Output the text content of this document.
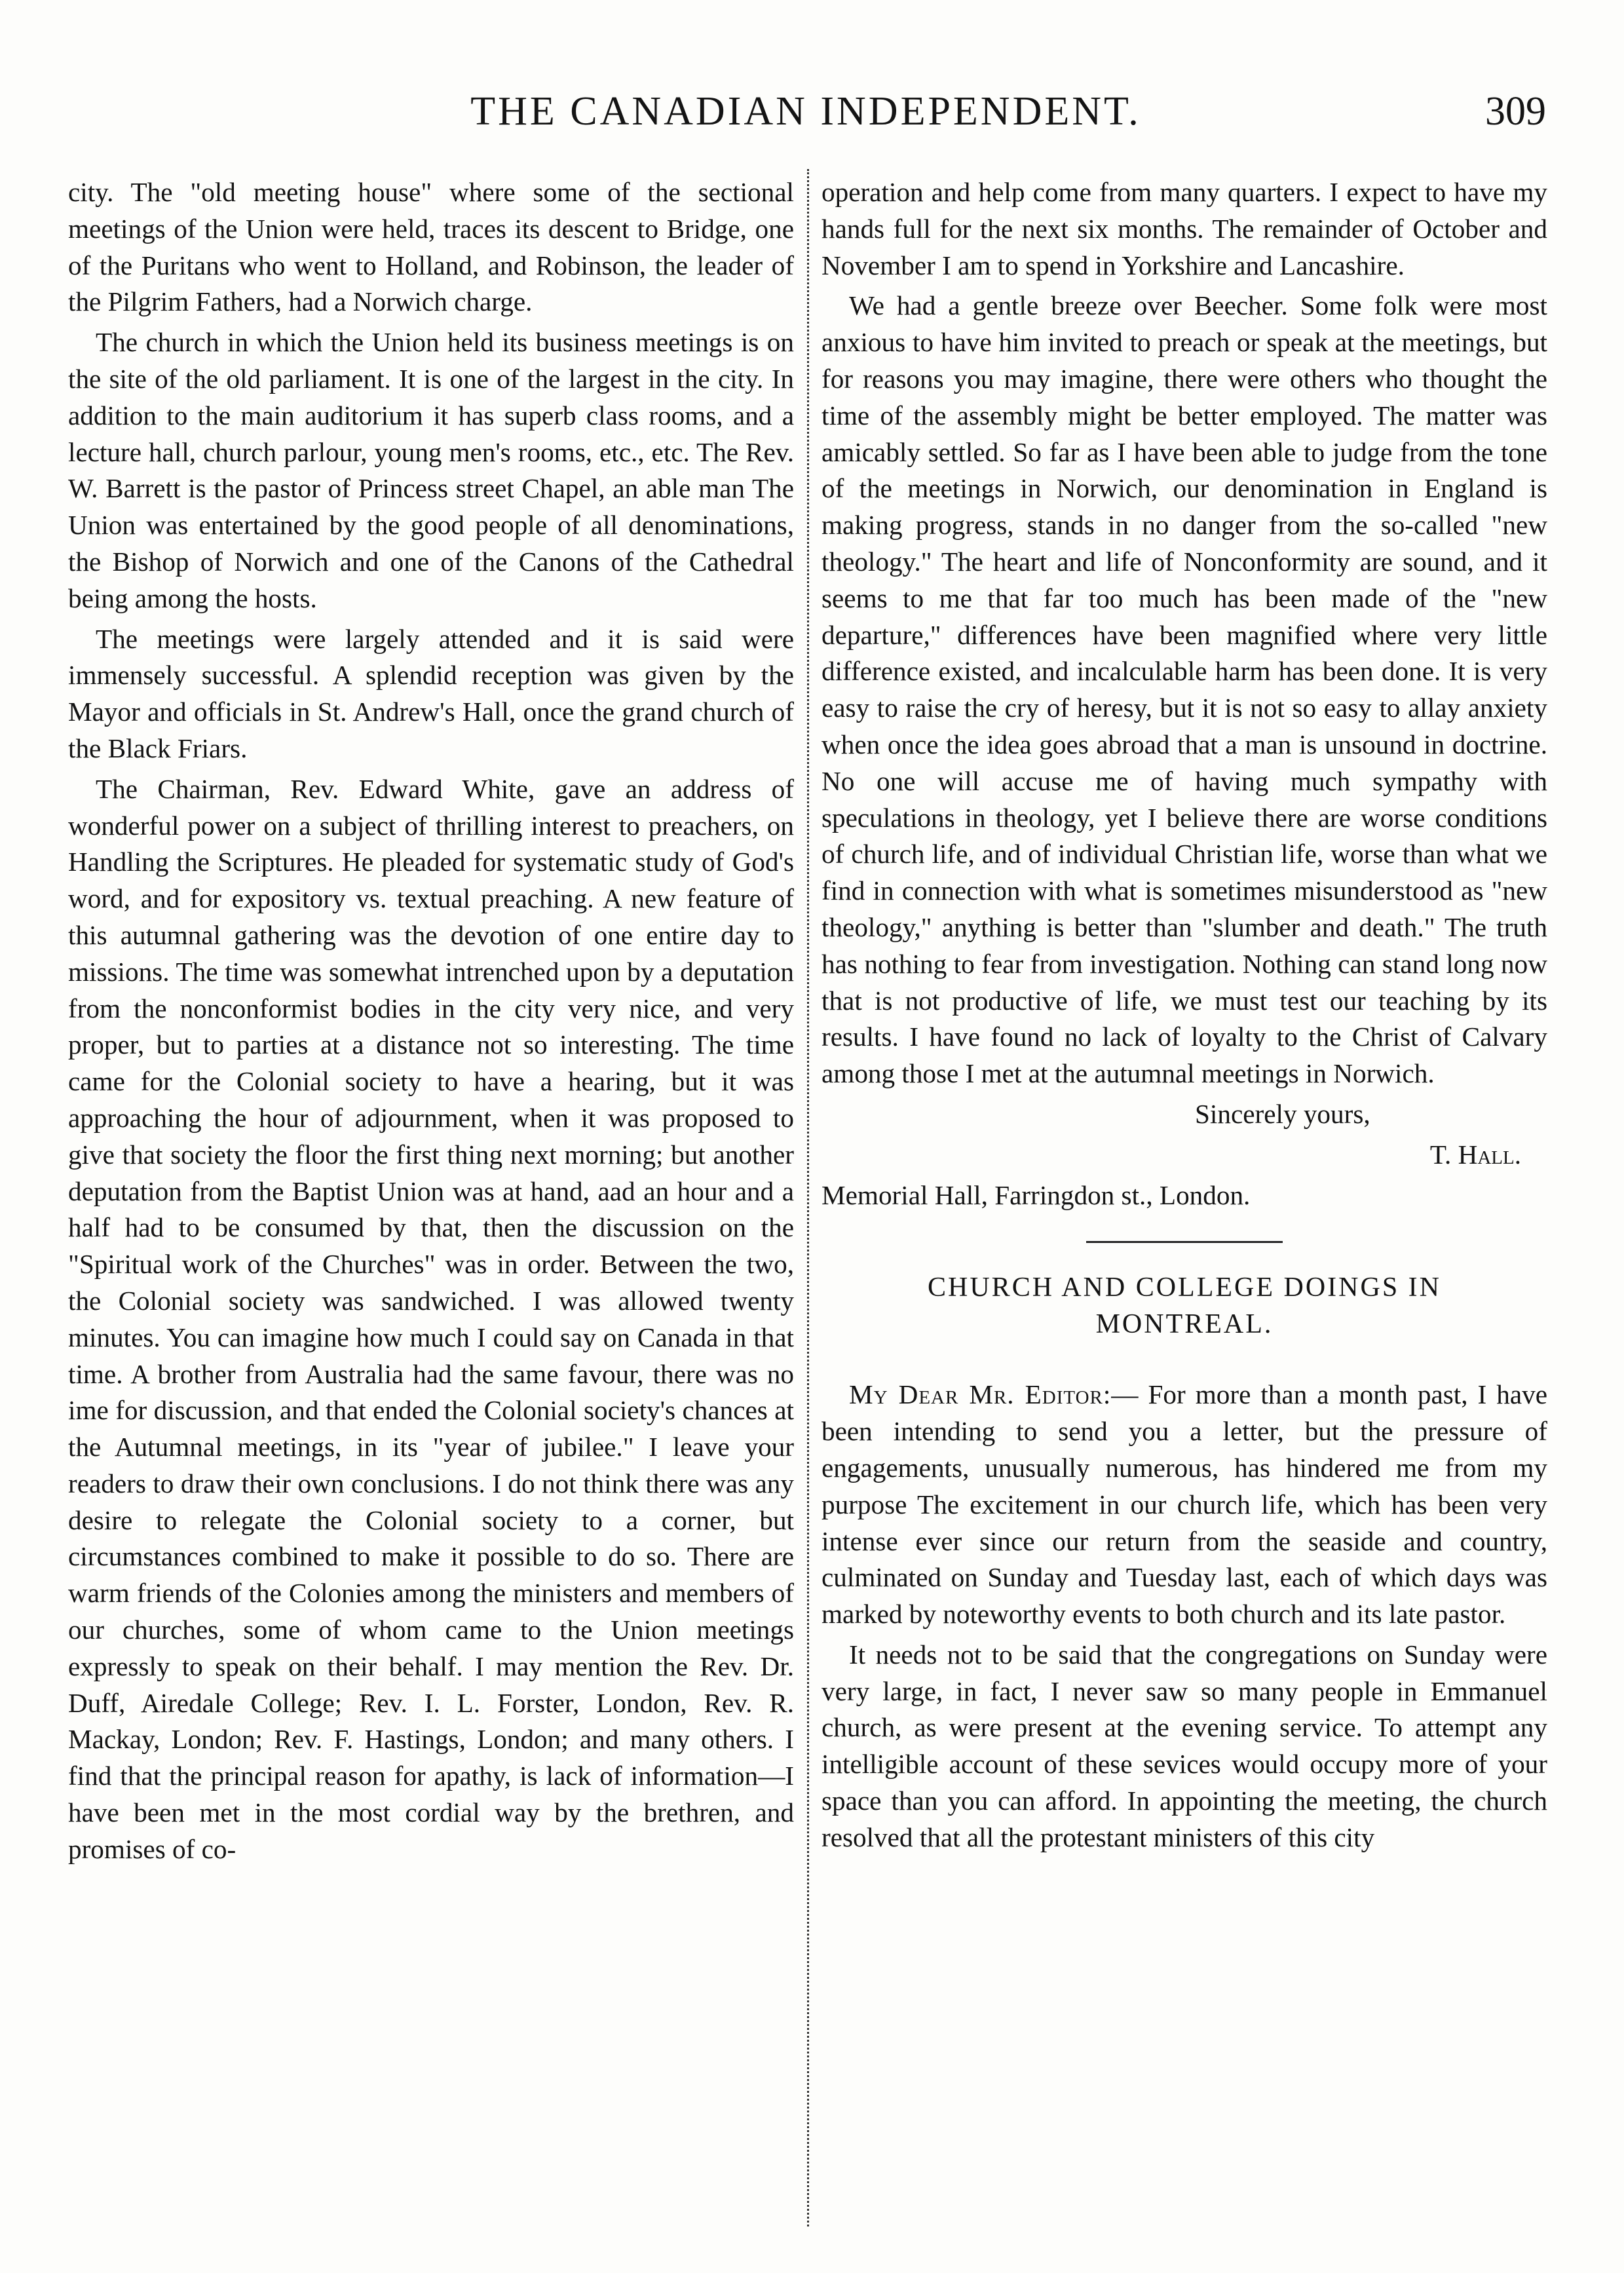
THE CANADIAN INDEPENDENT.	309

city. The "old meeting house" where some of the sectional meetings of the Union were held, traces its descent to Bridge, one of the Puritans who went to Holland, and Robinson, the leader of the Pilgrim Fathers, had a Norwich charge.

The church in which the Union held its business meetings is on the site of the old parliament. It is one of the largest in the city. In addition to the main auditorium it has superb class rooms, and a lecture hall, church parlour, young men's rooms, etc., etc. The Rev. W. Barrett is the pastor of Princess street Chapel, an able man The Union was entertained by the good people of all denominations, the Bishop of Norwich and one of the Canons of the Cathedral being among the hosts.

The meetings were largely attended and it is said were immensely successful. A splendid reception was given by the Mayor and officials in St. Andrew's Hall, once the grand church of the Black Friars.

The Chairman, Rev. Edward White, gave an address of wonderful power on a subject of thrilling interest to preachers, on Handling the Scriptures. He pleaded for systematic study of God's word, and for expository vs. textual preaching. A new feature of this autumnal gathering was the devotion of one entire day to missions. The time was somewhat intrenched upon by a deputation from the nonconformist bodies in the city very nice, and very proper, but to parties at a distance not so interesting. The time came for the Colonial society to have a hearing, but it was approaching the hour of adjournment, when it was proposed to give that society the floor the first thing next morning; but another deputation from the Baptist Union was at hand, aad an hour and a half had to be consumed by that, then the discussion on the "Spiritual work of the Churches" was in order. Between the two, the Colonial society was sandwiched. I was allowed twenty minutes. You can imagine how much I could say on Canada in that time. A brother from Australia had the same favour, there was no ime for discussion, and that ended the Colonial society's chances at the Autumnal meetings, in its "year of jubilee." I leave your readers to draw their own conclusions. I do not think there was any desire to relegate the Colonial society to a corner, but circumstances combined to make it possible to do so. There are warm friends of the Colonies among the ministers and members of our churches, some of whom came to the Union meetings expressly to speak on their behalf. I may mention the Rev. Dr. Duff, Airedale College; Rev. I. L. Forster, London, Rev. R. Mackay, London; Rev. F. Hastings, London; and many others. I find that the principal reason for apathy, is lack of information—I have been met in the most cordial way by the brethren, and promises of co-

operation and help come from many quarters. I expect to have my hands full for the next six months. The remainder of October and November I am to spend in Yorkshire and Lancashire.

We had a gentle breeze over Beecher. Some folk were most anxious to have him invited to preach or speak at the meetings, but for reasons you may imagine, there were others who thought the time of the assembly might be better employed. The matter was amicably settled. So far as I have been able to judge from the tone of the meetings in Norwich, our denomination in England is making progress, stands in no danger from the so-called "new theology." The heart and life of Nonconformity are sound, and it seems to me that far too much has been made of the "new departure," differences have been magnified where very little difference existed, and incalculable harm has been done. It is very easy to raise the cry of heresy, but it is not so easy to allay anxiety when once the idea goes abroad that a man is unsound in doctrine. No one will accuse me of having much sympathy with speculations in theology, yet I believe there are worse conditions of church life, and of individual Christian life, worse than what we find in connection with what is sometimes misunderstood as "new theology," anything is better than "slumber and death." The truth has nothing to fear from investigation. Nothing can stand long now that is not productive of life, we must test our teaching by its results. I have found no lack of loyalty to the Christ of Calvary among those I met at the autumnal meetings in Norwich.

Sincerely yours,

T. Hall.

Memorial Hall, Farringdon st., London.

CHURCH AND COLLEGE DOINGS IN
MONTREAL.

My Dear Mr. Editor:— For more than a month past, I have been intending to send you a letter, but the pressure of engagements, unusually numerous, has hindered me from my purpose The excitement in our church life, which has been very intense ever since our return from the seaside and country, culminated on Sunday and Tuesday last, each of which days was marked by noteworthy events to both church and its late pastor.

It needs not to be said that the congregations on Sunday were very large, in fact, I never saw so many people in Emmanuel church, as were present at the evening service. To attempt any intelligible account of these sevices would occupy more of your space than you can afford. In appointing the meeting, the church resolved that all the protestant ministers of this city
